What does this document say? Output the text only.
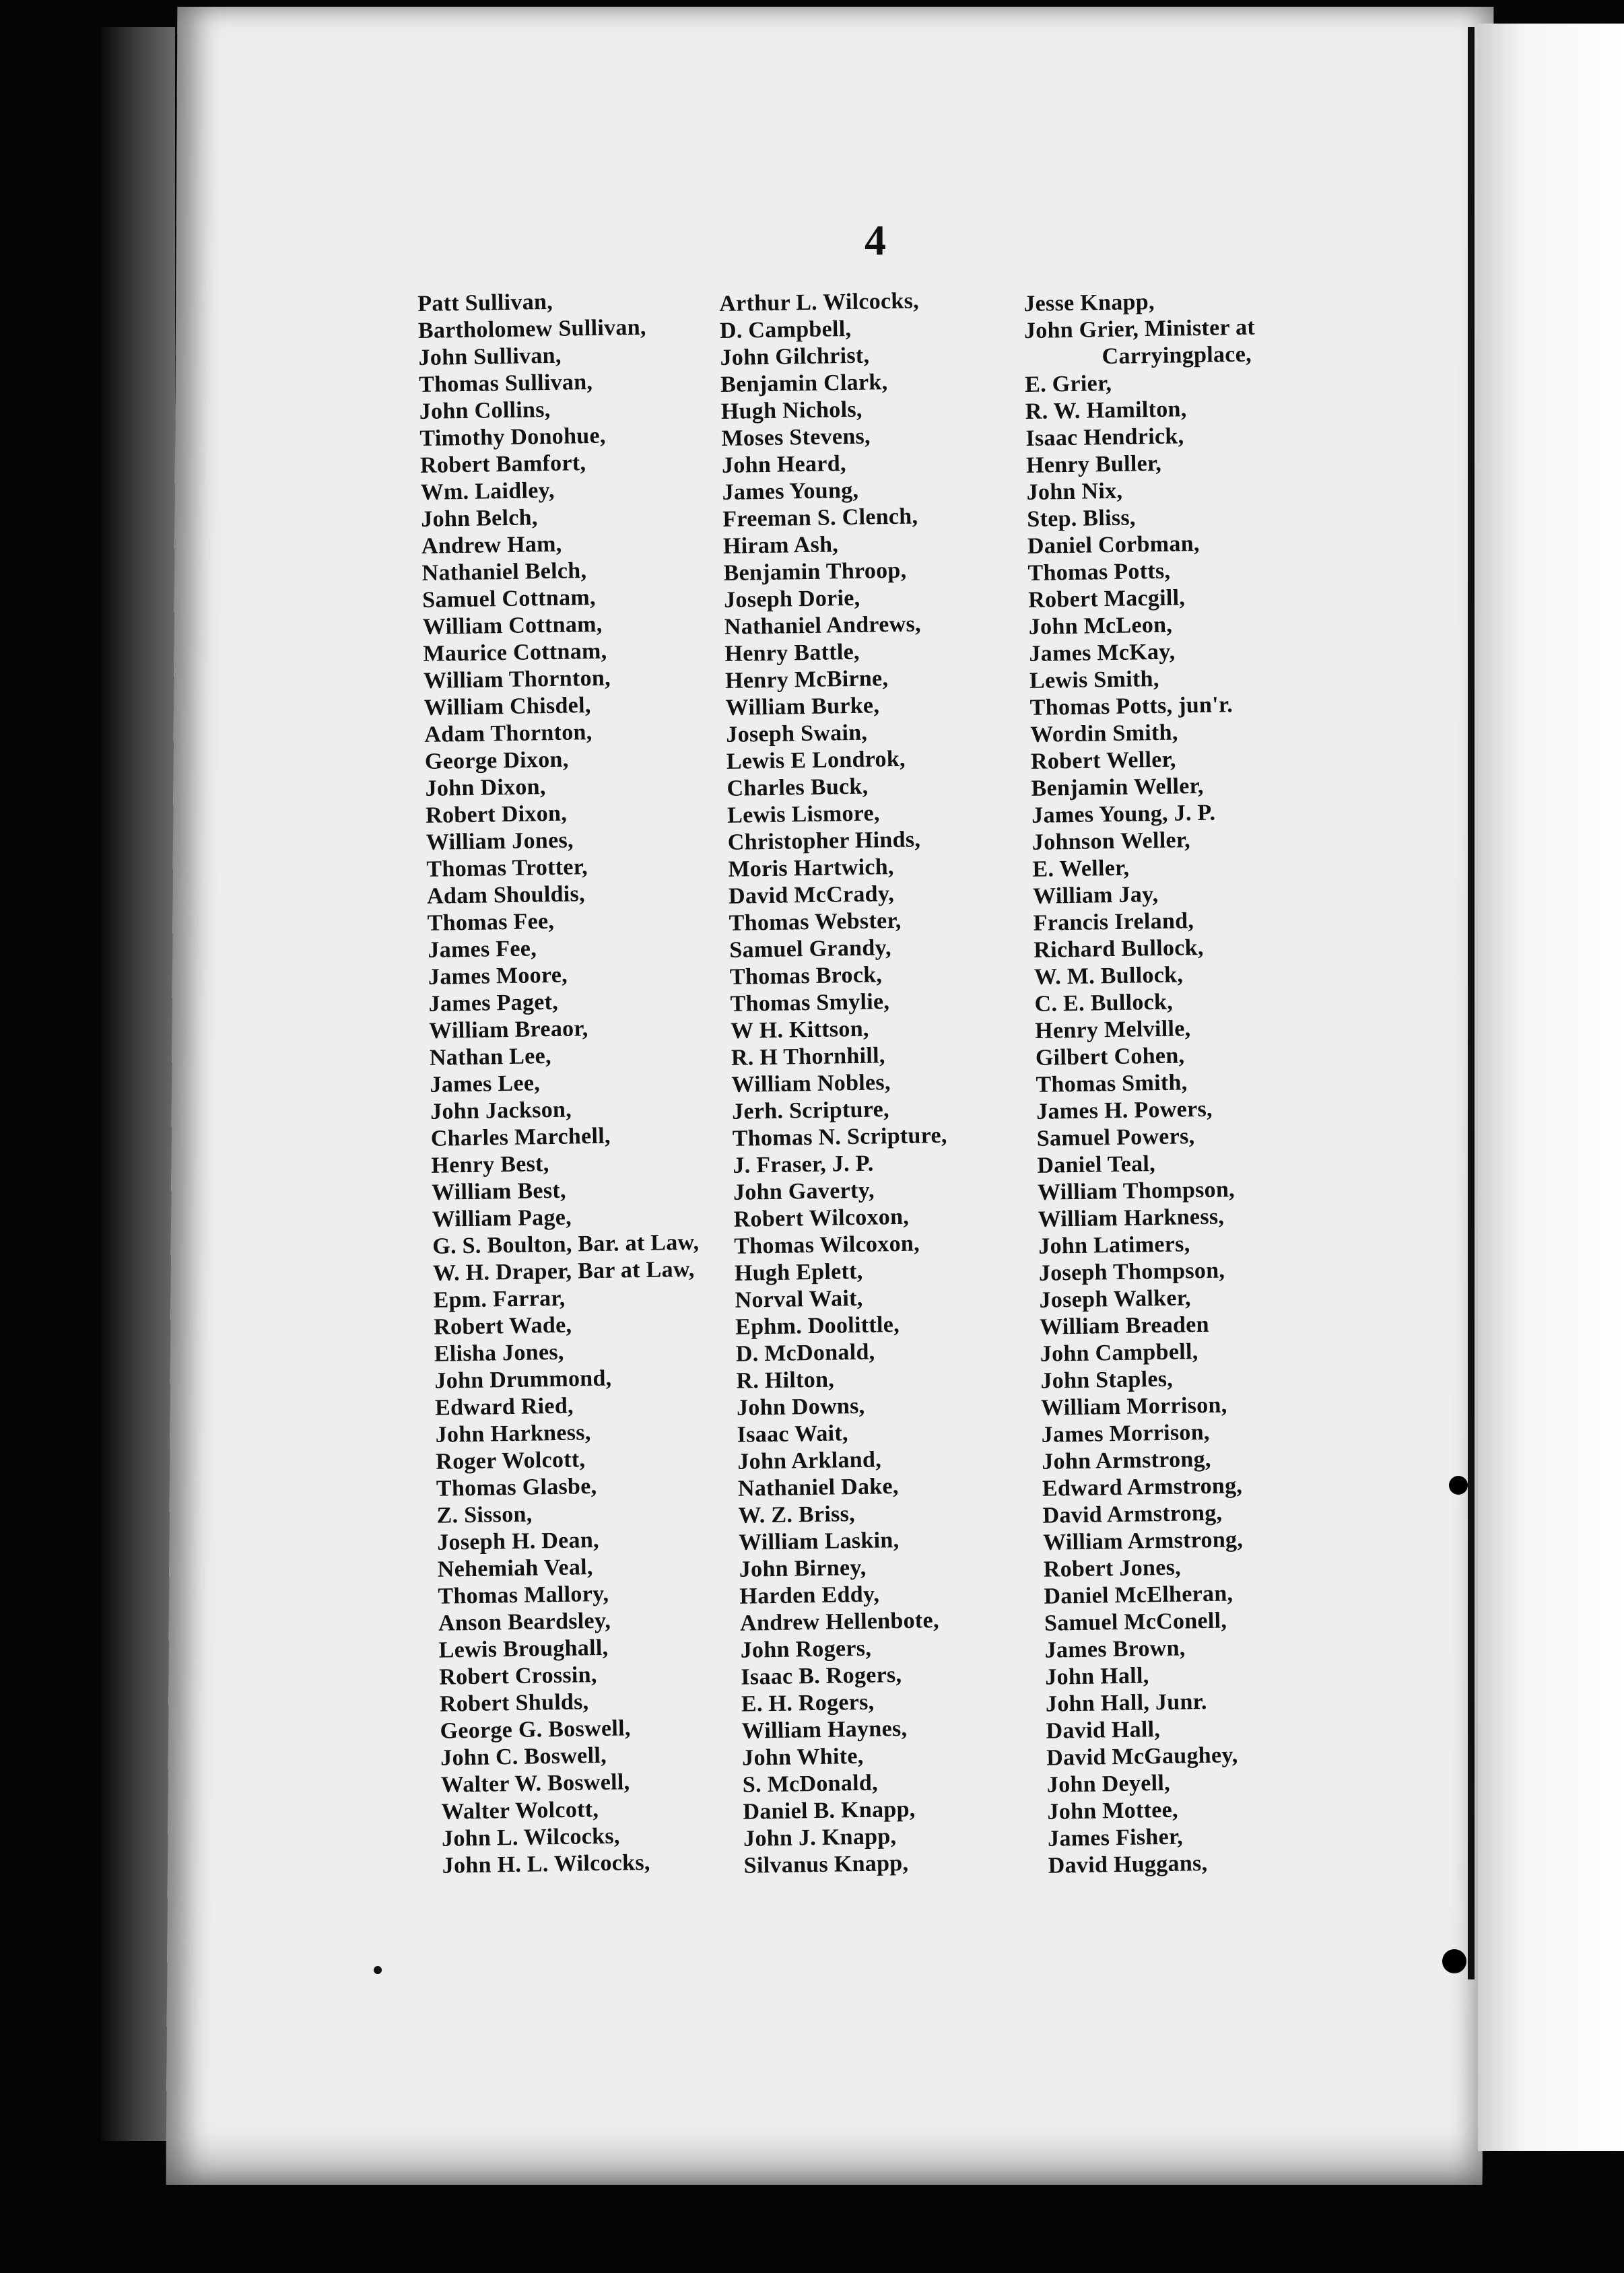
4
Patt Sullivan,
Bartholomew Sullivan,
John Sullivan,
Thomas Sullivan,
John Collins,
Timothy Donohue,
Robert Bamfort,
Wm. Laidley,
John Belch,
Andrew Ham,
Nathaniel Belch,
Samuel Cottnam,
William Cottnam,
Maurice Cottnam,
William Thornton,
William Chisdel,
Adam Thornton,
George Dixon,
John Dixon,
Robert Dixon,
William Jones,
Thomas Trotter,
Adam Shouldis,
Thomas Fee,
James Fee,
James Moore,
James Paget,
William Breaor,
Nathan Lee,
James Lee,
John Jackson,
Charles Marchell,
Henry Best,
William Best,
William Page,
G. S. Boulton, Bar. at Law,
W. H. Draper, Bar at Law,
Epm. Farrar,
Robert Wade,
Elisha Jones,
John Drummond,
Edward Ried,
John Harkness,
Roger Wolcott,
Thomas Glasbe,
Z. Sisson,
Joseph H. Dean,
Nehemiah Veal,
Thomas Mallory,
Anson Beardsley,
Lewis Broughall,
Robert Crossin,
Robert Shulds,
George G. Boswell,
John C. Boswell,
Walter W. Boswell,
Walter Wolcott,
John L. Wilcocks,
John H. L. Wilcocks,
Arthur L. Wilcocks,
D. Campbell,
John Gilchrist,
Benjamin Clark,
Hugh Nichols,
Moses Stevens,
John Heard,
James Young,
Freeman S. Clench,
Hiram Ash,
Benjamin Throop,
Joseph Dorie,
Nathaniel Andrews,
Henry Battle,
Henry McBirne,
William Burke,
Joseph Swain,
Lewis E Londrok,
Charles Buck,
Lewis Lismore,
Christopher Hinds,
Moris Hartwich,
David McCrady,
Thomas Webster,
Samuel Grandy,
Thomas Brock,
Thomas Smylie,
W H. Kittson,
R. H Thornhill,
William Nobles,
Jerh. Scripture,
Thomas N. Scripture,
J. Fraser, J. P.
John Gaverty,
Robert Wilcoxon,
Thomas Wilcoxon,
Hugh Eplett,
Norval Wait,
Ephm. Doolittle,
D. McDonald,
R. Hilton,
John Downs,
Isaac Wait,
John Arkland,
Nathaniel Dake,
W. Z. Briss,
William Laskin,
John Birney,
Harden Eddy,
Andrew Hellenbote,
John Rogers,
Isaac B. Rogers,
E. H. Rogers,
William Haynes,
John White,
S. McDonald,
Daniel B. Knapp,
John J. Knapp,
Silvanus Knapp,
Jesse Knapp,
John Grier, Minister at
Carryingplace,
E. Grier,
R. W. Hamilton,
Isaac Hendrick,
Henry Buller,
John Nix,
Step. Bliss,
Daniel Corbman,
Thomas Potts,
Robert Macgill,
John McLeon,
James McKay,
Lewis Smith,
Thomas Potts, jun'r.
Wordin Smith,
Robert Weller,
Benjamin Weller,
James Young, J. P.
Johnson Weller,
E. Weller,
William Jay,
Francis Ireland,
Richard Bullock,
W. M. Bullock,
C. E. Bullock,
Henry Melville,
Gilbert Cohen,
Thomas Smith,
James H. Powers,
Samuel Powers,
Daniel Teal,
William Thompson,
William Harkness,
John Latimers,
Joseph Thompson,
Joseph Walker,
William Breaden
John Campbell,
John Staples,
William Morrison,
James Morrison,
John Armstrong,
Edward Armstrong,
David Armstrong,
William Armstrong,
Robert Jones,
Daniel McElheran,
Samuel McConell,
James Brown,
John Hall,
John Hall, Junr.
David Hall,
David McGaughey,
John Deyell,
John Mottee,
James Fisher,
David Huggans,
